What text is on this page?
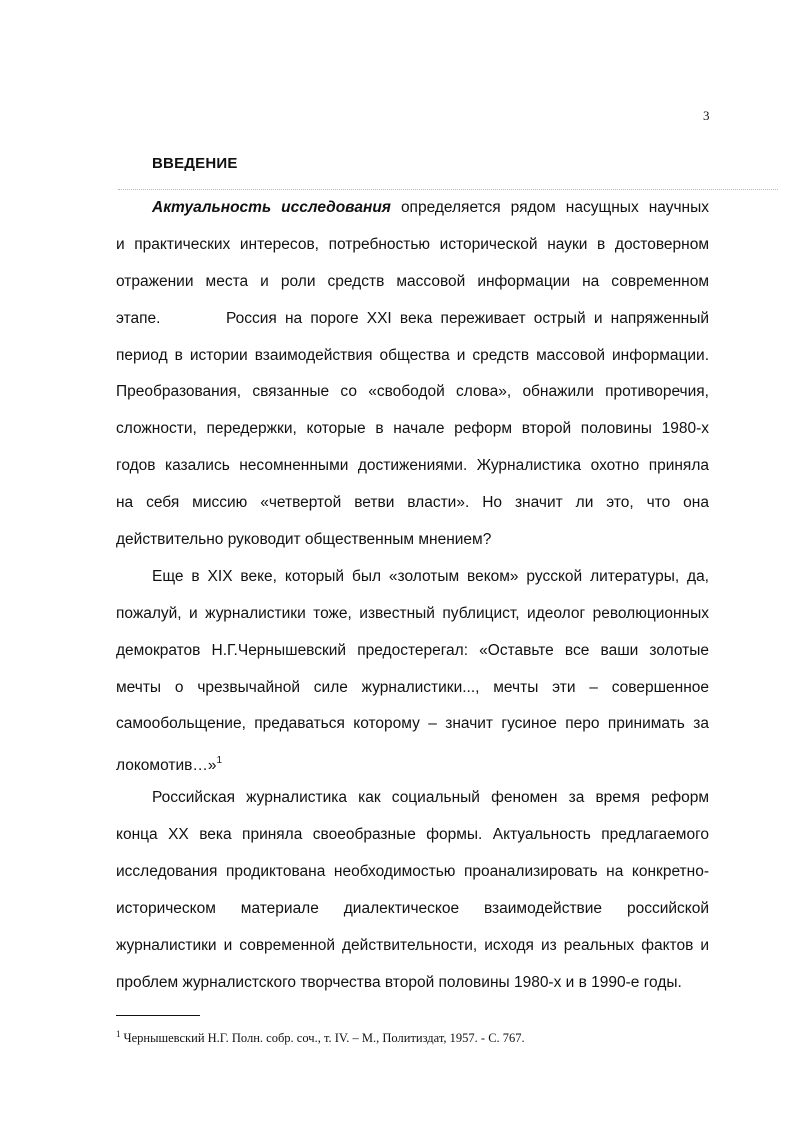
3
ВВЕДЕНИЕ
Актуальность исследования определяется рядом насущных научных
и практических интересов, потребностью исторической науки в достоверном
отражении места и роли средств массовой информации на современном
этапе.        Россия на пороге XXI века переживает острый и напряженный
период в истории взаимодействия общества и средств массовой информации.
Преобразования, связанные со «свободой слова», обнажили противоречия,
сложности, передержки, которые в начале реформ второй половины 1980-х
годов казались несомненными достижениями. Журналистика охотно приняла
на себя миссию «четвертой ветви власти». Но значит ли это, что она
действительно руководит общественным мнением?
Еще в XIX веке, который был «золотым веком» русской литературы, да,
пожалуй, и журналистики тоже, известный публицист, идеолог революционных
демократов Н.Г.Чернышевский предостерегал: «Оставьте все ваши золотые
мечты о чрезвычайной силе журналистики..., мечты эти – совершенное
самообольщение, предаваться которому – значит гусиное перо принимать за
локомотив…»$^1$
Российская журналистика как социальный феномен за время реформ
конца XX века приняла своеобразные формы. Актуальность предлагаемого
исследования продиктована необходимостью проанализировать на конкретно-
историческом материале диалектическое взаимодействие российской
журналистики и современной действительности, исходя из реальных фактов и
проблем журналистского творчества второй половины 1980-х и в 1990-е годы.
$^1$ Чернышевский Н.Г. Полн. собр. соч., т. IV. – М., Политиздат, 1957. - С. 767.
